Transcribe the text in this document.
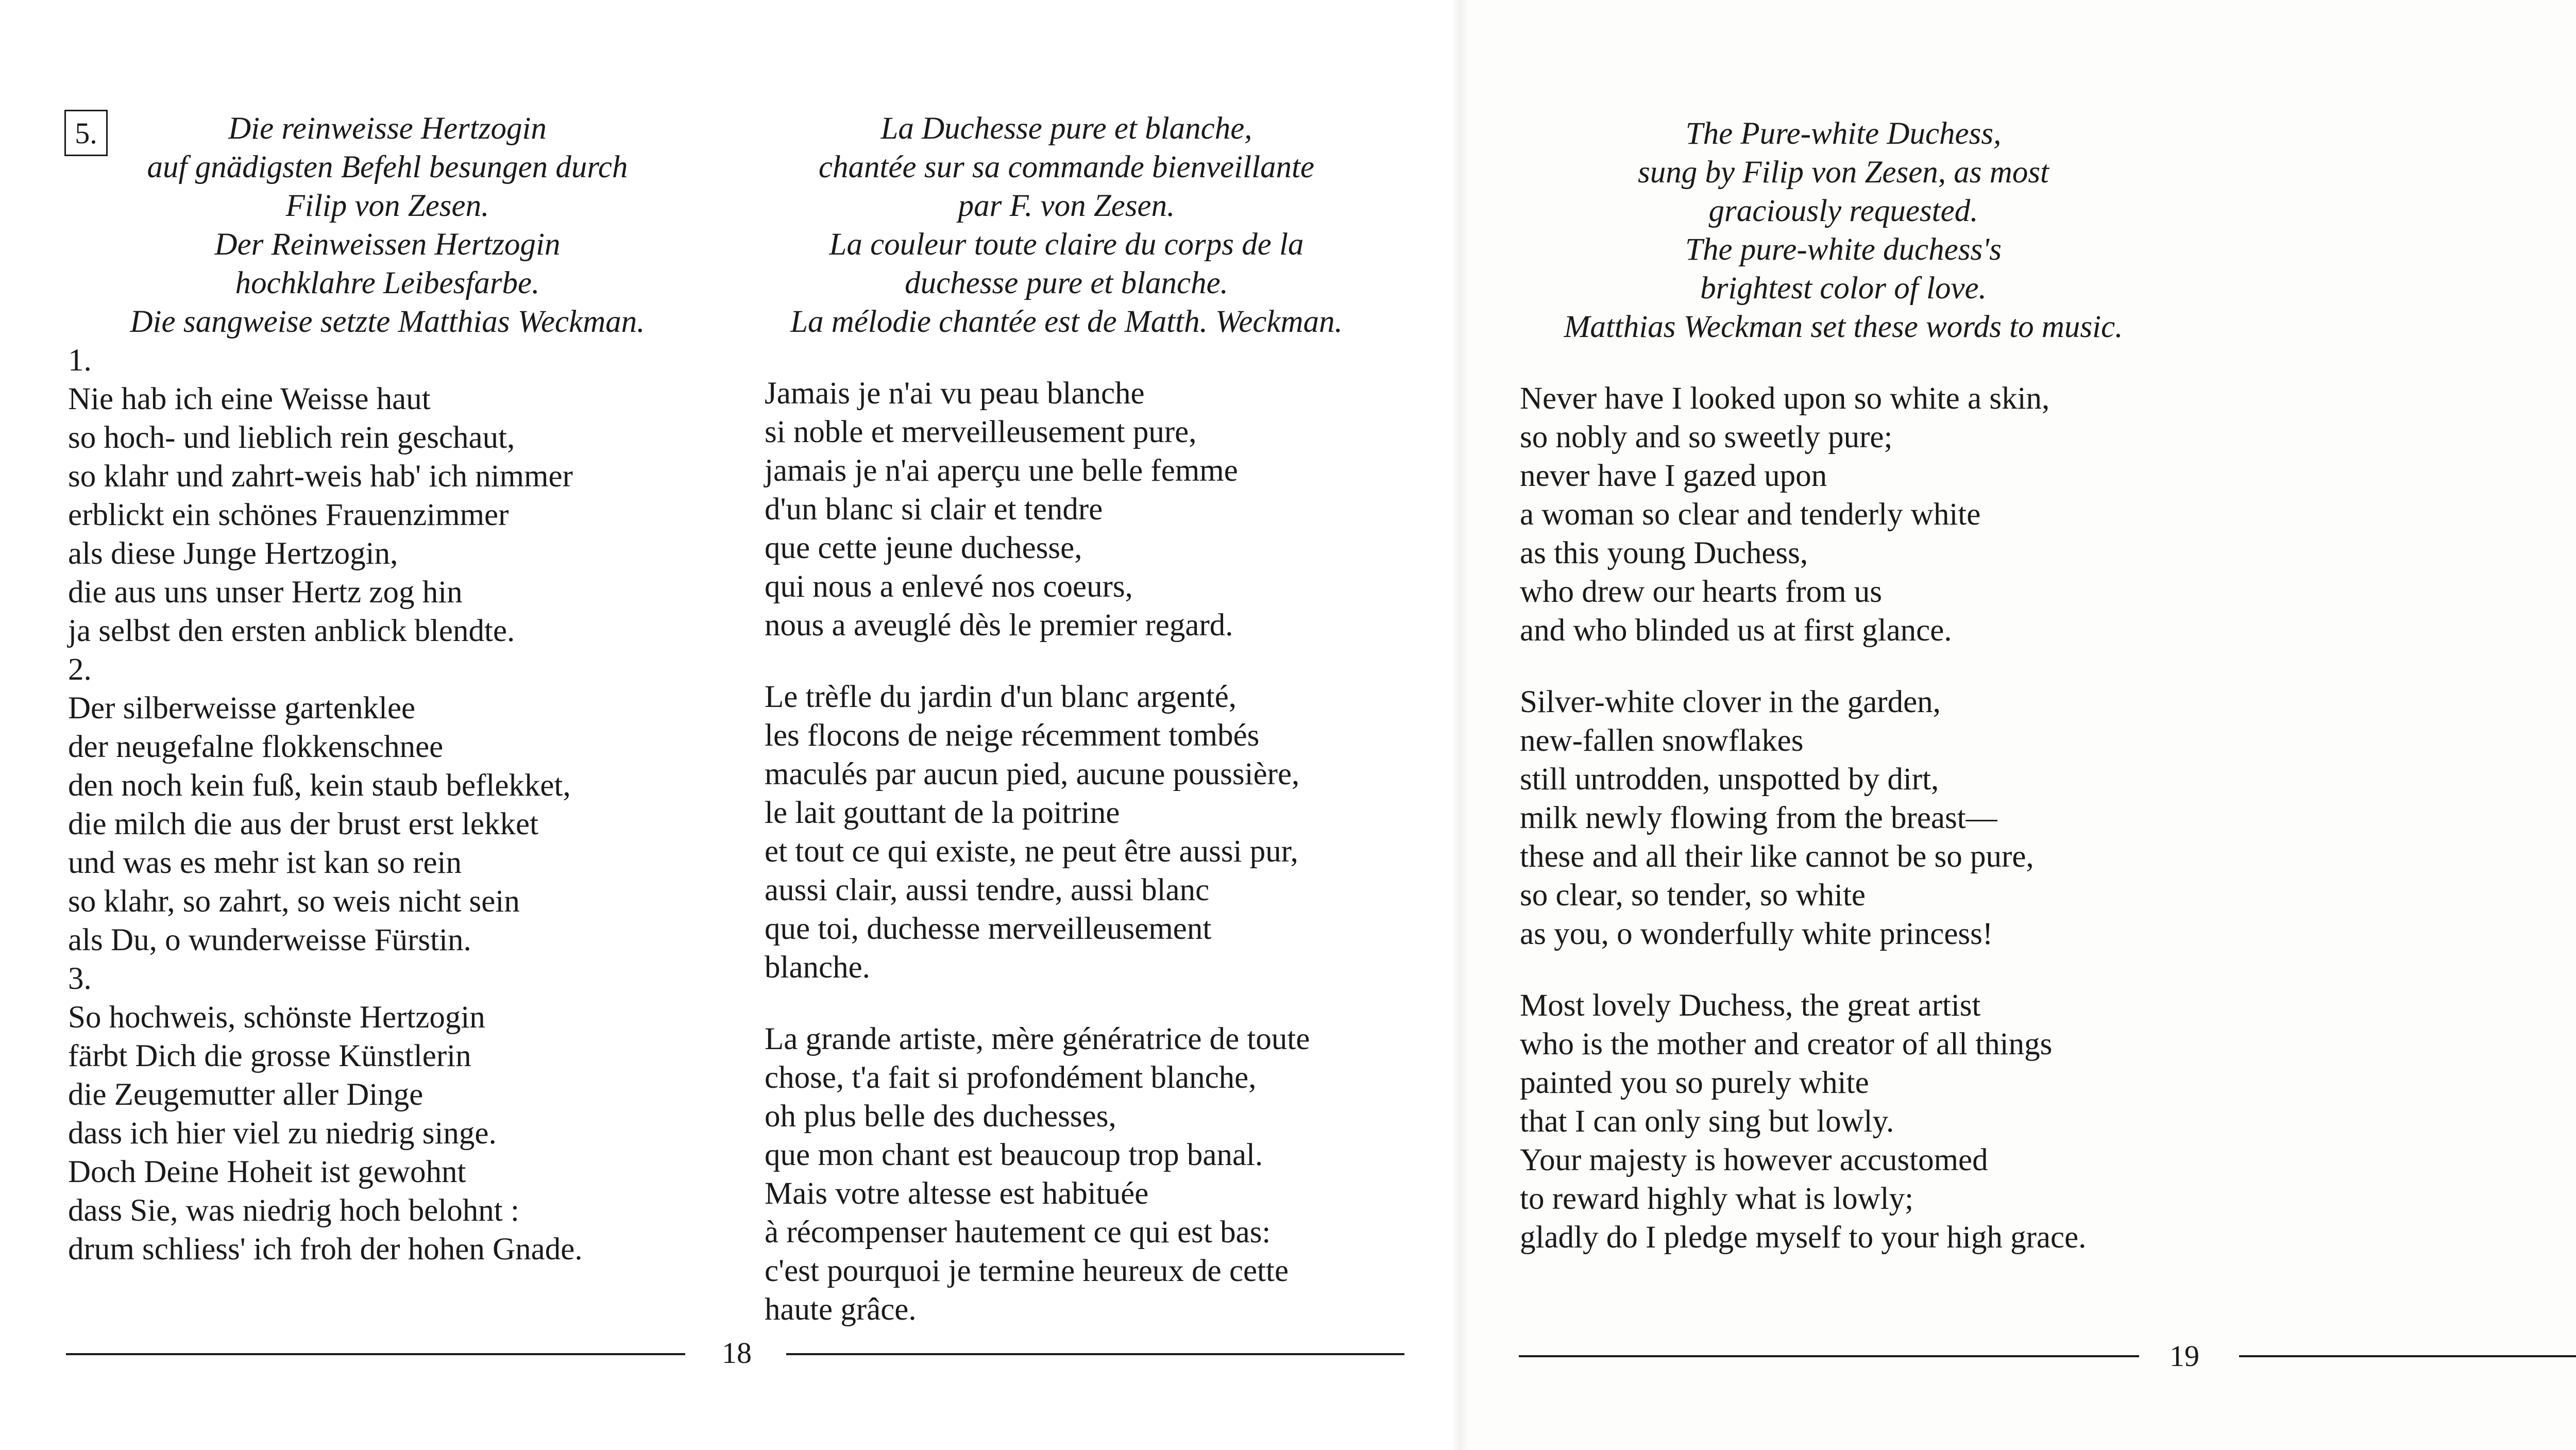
5.	Die reinweisse Hertzogin
auf gnädigsten Befehl besungen durch
Filip von Zesen.
Der Reinweissen Hertzogin
hochklahre Leibesfarbe.
Die sangweise setzte Matthias Weckman.
1.
Nie hab ich eine Weisse haut
so hoch- und lieblich rein geschaut,
so klahr und zahrt-weis hab' ich nimmer
erblickt ein schönes Frauenzimmer
als diese Junge Hertzogin,
die aus uns unser Hertz zog hin
ja selbst den ersten anblick blendte.
2.
Der silberweisse gartenklee
der neugefalne flokkenschnee
den noch kein fuß, kein staub beflekket,
die milch die aus der brust erst lekket
und was es mehr ist kan so rein
so klahr, so zahrt, so weis nicht sein
als Du, o wunderweisse Fürstin.
3.
So hochweis, schönste Hertzogin
färbt Dich die grosse Künstlerin
die Zeugemutter aller Dinge
dass ich hier viel zu niedrig singe.
Doch Deine Hoheit ist gewohnt
dass Sie, was niedrig hoch belohnt :
drum schliess' ich froh der hohen Gnade.
La Duchesse pure et blanche,
chantée sur sa commande bienveillante
par F. von Zesen.
La couleur toute claire du corps de la
duchesse pure et blanche.
La mélodie chantée est de Matth. Weckman.
Jamais je n'ai vu peau blanche
si noble et merveilleusement pure,
jamais je n'ai aperçu une belle femme
d'un blanc si clair et tendre
que cette jeune duchesse,
qui nous a enlevé nos coeurs,
nous a aveuglé dès le premier regard.
Le trèfle du jardin d'un blanc argenté,
les flocons de neige récemment tombés
maculés par aucun pied, aucune poussière,
le lait gouttant de la poitrine
et tout ce qui existe, ne peut être aussi pur,
aussi clair, aussi tendre, aussi blanc
que toi, duchesse merveilleusement
blanche.
La grande artiste, mère génératrice de toute
chose, t'a fait si profondément blanche,
oh plus belle des duchesses,
que mon chant est beaucoup trop banal.
Mais votre altesse est habituée
à récompenser hautement ce qui est bas:
c'est pourquoi je termine heureux de cette
haute grâce.
The Pure-white Duchess,
sung by Filip von Zesen, as most
graciously requested.
The pure-white duchess's
brightest color of love.
Matthias Weckman set these words to music.
Never have I looked upon so white a skin,
so nobly and so sweetly pure;
never have I gazed upon
a woman so clear and tenderly white
as this young Duchess,
who drew our hearts from us
and who blinded us at first glance.
Silver-white clover in the garden,
new-fallen snowflakes
still untrodden, unspotted by dirt,
milk newly flowing from the breast—
these and all their like cannot be so pure,
so clear, so tender, so white
as you, o wonderfully white princess!
Most lovely Duchess, the great artist
who is the mother and creator of all things
painted you so purely white
that I can only sing but lowly.
Your majesty is however accustomed
to reward highly what is lowly;
gladly do I pledge myself to your high grace.
18	19
